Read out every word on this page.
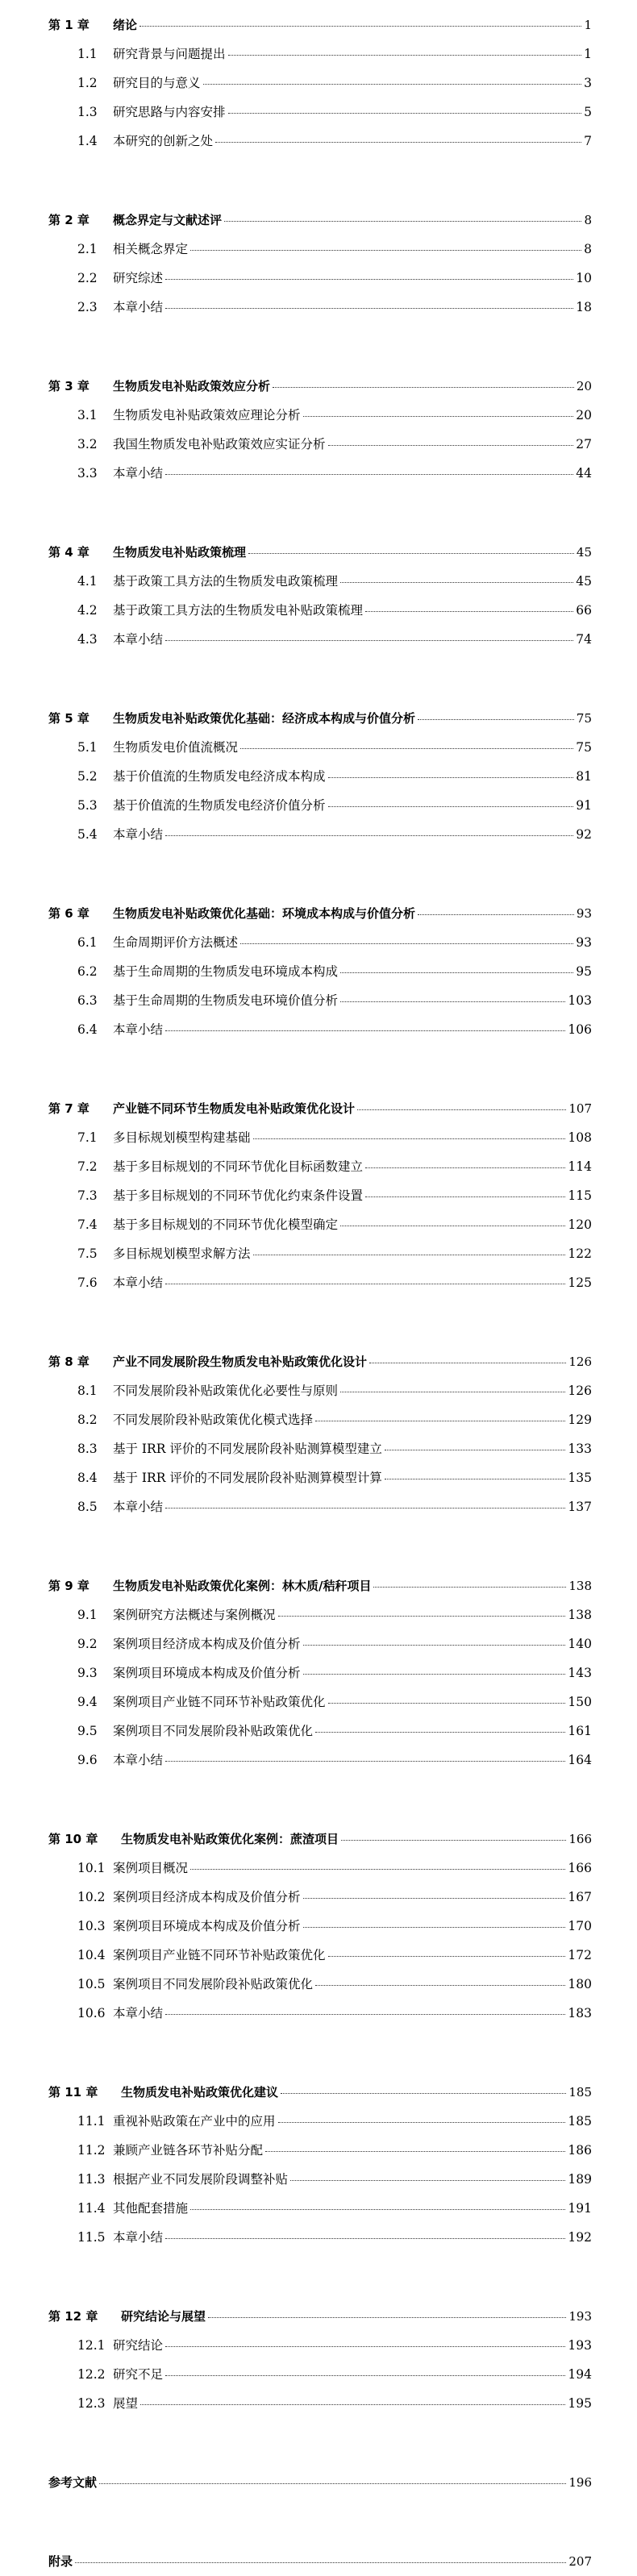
第 1 章	绪论	1
1.1	研究背景与问题提出	1
1.2	研究目的与意义	3
1.3	研究思路与内容安排	5
1.4	本研究的创新之处	7
第 2 章	概念界定与文献述评	8
2.1	相关概念界定	8
2.2	研究综述	10
2.3	本章小结	18
第 3 章	生物质发电补贴政策效应分析	20
3.1	生物质发电补贴政策效应理论分析	20
3.2	我国生物质发电补贴政策效应实证分析	27
3.3	本章小结	44
第 4 章	生物质发电补贴政策梳理	45
4.1	基于政策工具方法的生物质发电政策梳理	45
4.2	基于政策工具方法的生物质发电补贴政策梳理	66
4.3	本章小结	74
第 5 章	生物质发电补贴政策优化基础：经济成本构成与价值分析	75
5.1	生物质发电价值流概况	75
5.2	基于价值流的生物质发电经济成本构成	81
5.3	基于价值流的生物质发电经济价值分析	91
5.4	本章小结	92
第 6 章	生物质发电补贴政策优化基础：环境成本构成与价值分析	93
6.1	生命周期评价方法概述	93
6.2	基于生命周期的生物质发电环境成本构成	95
6.3	基于生命周期的生物质发电环境价值分析	103
6.4	本章小结	106
第 7 章	产业链不同环节生物质发电补贴政策优化设计	107
7.1	多目标规划模型构建基础	108
7.2	基于多目标规划的不同环节优化目标函数建立	114
7.3	基于多目标规划的不同环节优化约束条件设置	115
7.4	基于多目标规划的不同环节优化模型确定	120
7.5	多目标规划模型求解方法	122
7.6	本章小结	125
第 8 章	产业不同发展阶段生物质发电补贴政策优化设计	126
8.1	不同发展阶段补贴政策优化必要性与原则	126
8.2	不同发展阶段补贴政策优化模式选择	129
8.3	基于 IRR 评价的不同发展阶段补贴测算模型建立	133
8.4	基于 IRR 评价的不同发展阶段补贴测算模型计算	135
8.5	本章小结	137
第 9 章	生物质发电补贴政策优化案例：林木质/秸秆项目	138
9.1	案例研究方法概述与案例概况	138
9.2	案例项目经济成本构成及价值分析	140
9.3	案例项目环境成本构成及价值分析	143
9.4	案例项目产业链不同环节补贴政策优化	150
9.5	案例项目不同发展阶段补贴政策优化	161
9.6	本章小结	164
第 10 章	生物质发电补贴政策优化案例：蔗渣项目	166
10.1 案例项目概况	166
10.2 案例项目经济成本构成及价值分析	167
10.3 案例项目环境成本构成及价值分析	170
10.4 案例项目产业链不同环节补贴政策优化	172
10.5 案例项目不同发展阶段补贴政策优化	180
10.6 本章小结	183
第 11 章	生物质发电补贴政策优化建议	185
11.1 重视补贴政策在产业中的应用	185
11.2 兼顾产业链各环节补贴分配	186
11.3 根据产业不同发展阶段调整补贴	189
11.4 其他配套措施	191
11.5 本章小结	192
第 12 章	研究结论与展望	193
12.1 研究结论	193
12.2 研究不足	194
12.3 展望	195
参考文献	196
附录	207
